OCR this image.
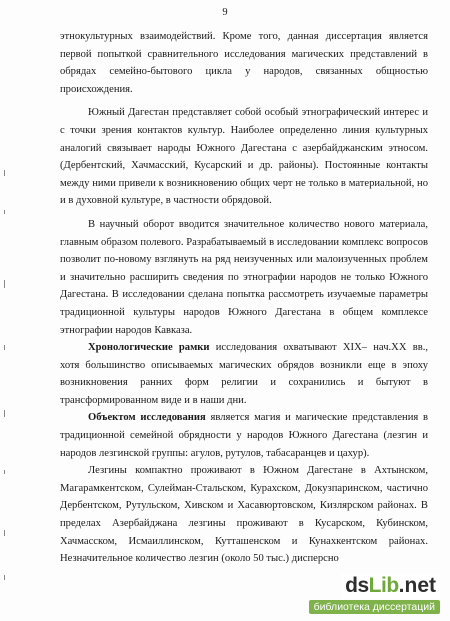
9

этнокультурных взаимодействий. Кроме того, данная диссертация является первой попыткой сравнительного исследования магических представлений в обрядах семейно-бытового цикла у народов, связанных общностью происхождения.

Южный Дагестан представляет собой особый этнографический интерес и с точки зрения контактов культур. Наиболее определенно линия культурных аналогий связывает народы Южного Дагестана с азербайджанским этносом. (Дербентский, Хачмасский, Кусарский и др. районы). Постоянные контакты между ними привели к возникновению общих черт не только в материальной, но и в духовной культуре, в частности обрядовой.

В научный оборот вводится значительное количество нового материала, главным образом полевого. Разрабатываемый в исследовании комплекс вопросов позволит по-новому взглянуть на ряд неизученных или малоизученных проблем и значительно расширить сведения по этнографии народов не только Южного Дагестана. В исследовании сделана попытка рассмотреть изучаемые параметры традиционной культуры народов Южного Дагестана в общем комплексе этнографии народов Кавказа.

Хронологические рамки исследования охватывают XIX– нач.XX вв., хотя большинство описываемых магических обрядов возникли еще в эпоху возникновения ранних форм религии и сохранились и бытуют в трансформированном виде и в наши дни.

Объектом исследования является магия и магические представления в традиционной семейной обрядности у народов Южного Дагестана (лезгин и народов лезгинской группы: агулов, рутулов, табасаранцев и цахур).

Лезгины компактно проживают в Южном Дагестане в Ахтынском, Магарамкентском, Сулейман-Стальском, Курахском, Докузпаринском, частично Дербентском, Рутульском, Хивском и Хасавюртовском, Кизлярском районах. В пределах Азербайджана лезгины проживают в Кусарском, Кубинском, Хачмасском, Исмаиллинском, Кутташенском и Кунахкентском районах. Незначительное количество лезгин (около 50 тыс.) дисперсно

ds Lib .net
библиотека диссертаций
